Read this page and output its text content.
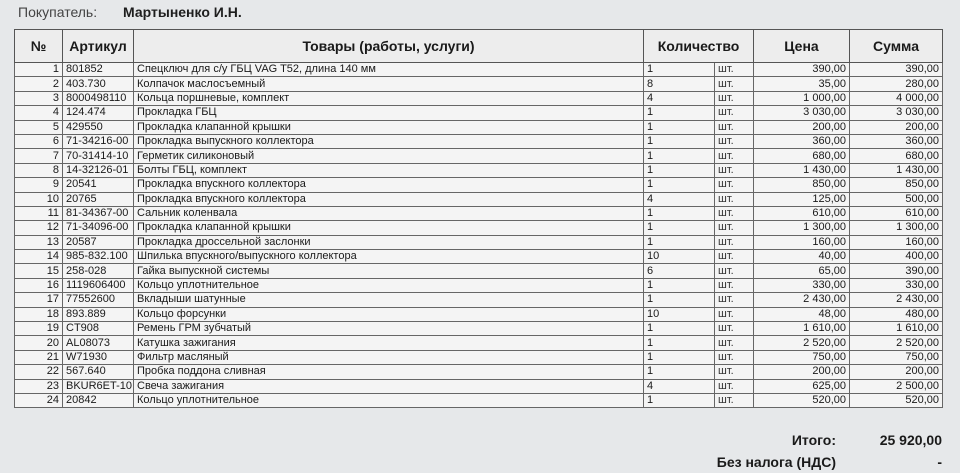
Покупатель: Мартыненко И.Н.
№	Артикул	Товары (работы, услуги)	Количество		Цена	Сумма
1	801852	Спецключ для с/у ГБЦ VAG T52, длина 140 мм	1	шт.	390,00	390,00
2	403.730	Колпачок маслосъемный	8	шт.	35,00	280,00
3	8000498110	Кольца поршневые, комплект	4	шт.	1 000,00	4 000,00
4	124.474	Прокладка ГБЦ	1	шт.	3 030,00	3 030,00
5	429550	Прокладка клапанной крышки	1	шт.	200,00	200,00
6	71-34216-00	Прокладка выпускного коллектора	1	шт.	360,00	360,00
7	70-31414-10	Герметик силиконовый	1	шт.	680,00	680,00
8	14-32126-01	Болты ГБЦ, комплект	1	шт.	1 430,00	1 430,00
9	20541	Прокладка впускного коллектора	1	шт.	850,00	850,00
10	20765	Прокладка впускного коллектора	4	шт.	125,00	500,00
11	81-34367-00	Сальник коленвала	1	шт.	610,00	610,00
12	71-34096-00	Прокладка клапанной крышки	1	шт.	1 300,00	1 300,00
13	20587	Прокладка дроссельной заслонки	1	шт.	160,00	160,00
14	985-832.100	Шпилька впускного/выпускного коллектора	10	шт.	40,00	400,00
15	258-028	Гайка выпускной системы	6	шт.	65,00	390,00
16	1119606400	Кольцо уплотнительное	1	шт.	330,00	330,00
17	77552600	Вкладыши шатунные	1	шт.	2 430,00	2 430,00
18	893.889	Кольцо форсунки	10	шт.	48,00	480,00
19	CT908	Ремень ГРМ зубчатый	1	шт.	1 610,00	1 610,00
20	AL08073	Катушка зажигания	1	шт.	2 520,00	2 520,00
21	W71930	Фильтр масляный	1	шт.	750,00	750,00
22	567.640	Пробка поддона сливная	1	шт.	200,00	200,00
23	BKUR6ET-10	Свеча зажигания	4	шт.	625,00	2 500,00
24	20842	Кольцо уплотнительное	1	шт.	520,00	520,00
Итого:	25 920,00
Без налога (НДС)	-
